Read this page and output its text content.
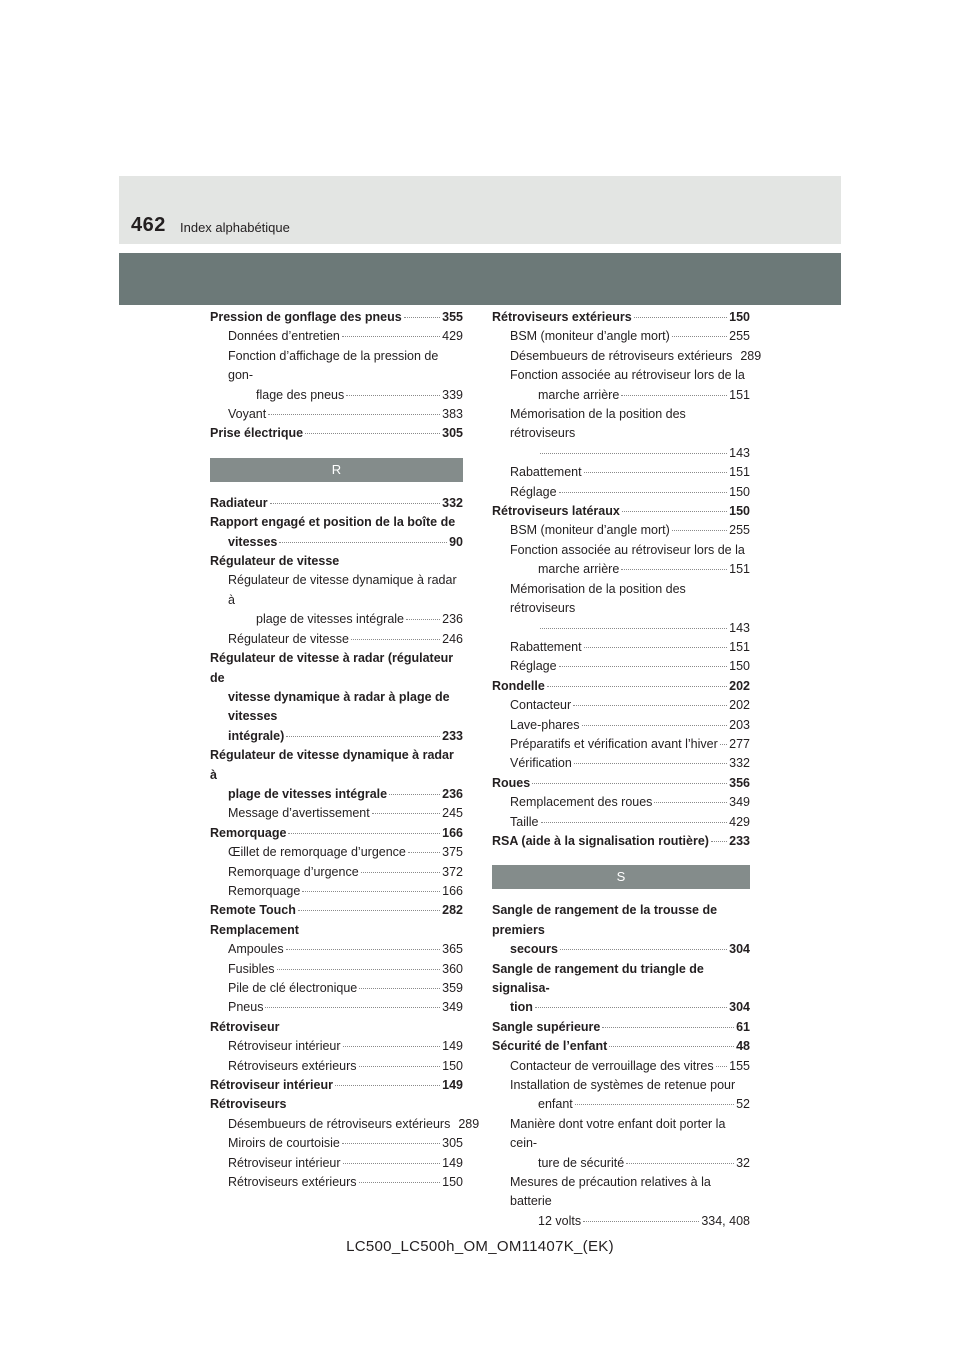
462 Index alphabétique
Pression de gonflage des pneus	355
Données d’entretien	429
Fonction d’affichage de la pression de gon-
flage des pneus	339
Voyant	383
Prise électrique	305
R
Radiateur	332
Rapport engagé et position de la boîte de
vitesses	90
Régulateur de vitesse
Régulateur de vitesse dynamique à radar à
plage de vitesses intégrale	236
Régulateur de vitesse	246
Régulateur de vitesse à radar (régulateur de
vitesse dynamique à radar à plage de vitesses
intégrale)	233
Régulateur de vitesse dynamique à radar à
plage de vitesses intégrale	236
Message d’avertissement	245
Remorquage	166
Œillet de remorquage d’urgence	375
Remorquage d’urgence	372
Remorquage	166
Remote Touch	282
Remplacement
Ampoules	365
Fusibles	360
Pile de clé électronique	359
Pneus	349
Rétroviseur
Rétroviseur intérieur	149
Rétroviseurs extérieurs	150
Rétroviseur intérieur	149
Rétroviseurs
Désembueurs de rétroviseurs extérieurs 289
Miroirs de courtoisie	305
Rétroviseur intérieur	149
Rétroviseurs extérieurs	150
Rétroviseurs extérieurs	150
BSM (moniteur d’angle mort)	255
Désembueurs de rétroviseurs extérieurs 289
Fonction associée au rétroviseur lors de la
marche arrière	151
Mémorisation de la position des rétroviseurs
143
Rabattement	151
Réglage	150
Rétroviseurs latéraux	150
BSM (moniteur d’angle mort)	255
Fonction associée au rétroviseur lors de la
marche arrière	151
Mémorisation de la position des rétroviseurs
143
Rabattement	151
Réglage	150
Rondelle	202
Contacteur	202
Lave-phares	203
Préparatifs et vérification avant l’hiver 277
Vérification	332
Roues	356
Remplacement des roues	349
Taille	429
RSA (aide à la signalisation routière) 233
S
Sangle de rangement de la trousse de premiers
secours	304
Sangle de rangement du triangle de signalisa-
tion	304
Sangle supérieure	61
Sécurité de l’enfant	48
Contacteur de verrouillage des vitres 155
Installation de systèmes de retenue pour
enfant	52
Manière dont votre enfant doit porter la cein-
ture de sécurité	32
Mesures de précaution relatives à la batterie
12 volts	334, 408
LC500_LC500h_OM_OM11407K_(EK)
